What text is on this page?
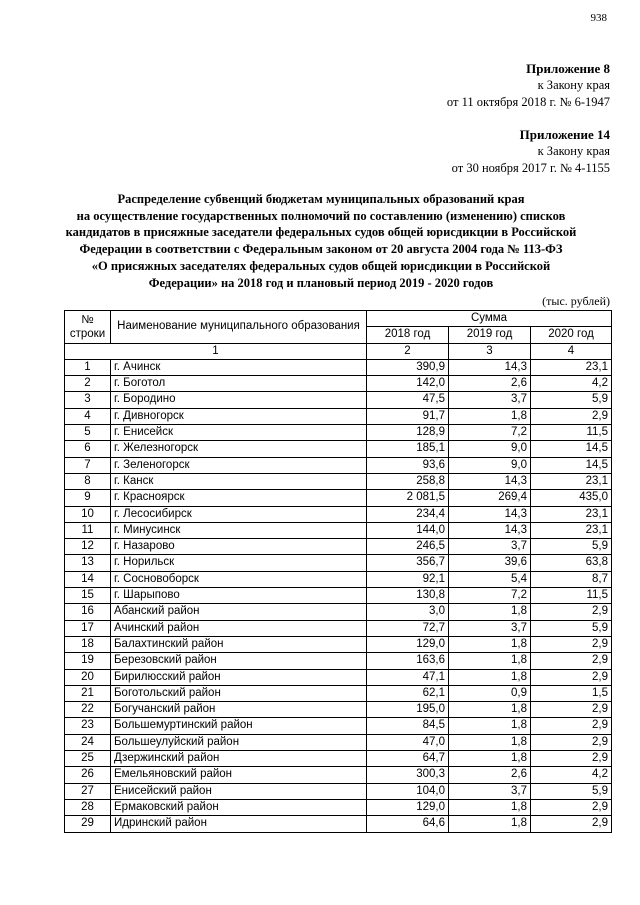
938
Приложение 8
к Закону края
от 11 октября 2018 г. № 6-1947
Приложение 14
к Закону края
от 30 ноября 2017 г. № 4-1155
Распределение субвенций бюджетам муниципальных образований края
на осуществление государственных полномочий по составлению (изменению) списков
кандидатов в присяжные заседатели федеральных судов общей юрисдикции в Российской
Федерации в соответствии с Федеральным законом от 20 августа 2004 года № 113-ФЗ
«О присяжных заседателях федеральных судов общей юрисдикции в Российской
Федерации» на 2018 год и плановый период 2019 - 2020 годов
(тыс. рублей)
№
строки	Наименование муниципального образования	Сумма		
		2018 год	2019 год	2020 год
1		2	3	4
1	г. Ачинск	390,9	14,3	23,1
2	г. Боготол	142,0	2,6	4,2
3	г. Бородино	47,5	3,7	5,9
4	г. Дивногорск	91,7	1,8	2,9
5	г. Енисейск	128,9	7,2	11,5
6	г. Железногорск	185,1	9,0	14,5
7	г. Зеленогорск	93,6	9,0	14,5
8	г. Канск	258,8	14,3	23,1
9	г. Красноярск	2 081,5	269,4	435,0
10	г. Лесосибирск	234,4	14,3	23,1
11	г. Минусинск	144,0	14,3	23,1
12	г. Назарово	246,5	3,7	5,9
13	г. Норильск	356,7	39,6	63,8
14	г. Сосновоборск	92,1	5,4	8,7
15	г. Шарыпово	130,8	7,2	11,5
16	Абанский район	3,0	1,8	2,9
17	Ачинский район	72,7	3,7	5,9
18	Балахтинский район	129,0	1,8	2,9
19	Березовский район	163,6	1,8	2,9
20	Бирилюсский район	47,1	1,8	2,9
21	Боготольский район	62,1	0,9	1,5
22	Богучанский район	195,0	1,8	2,9
23	Большемуртинский район	84,5	1,8	2,9
24	Большеулуйский район	47,0	1,8	2,9
25	Дзержинский район	64,7	1,8	2,9
26	Емельяновский район	300,3	2,6	4,2
27	Енисейский район	104,0	3,7	5,9
28	Ермаковский район	129,0	1,8	2,9
29	Идринский район	64,6	1,8	2,9
